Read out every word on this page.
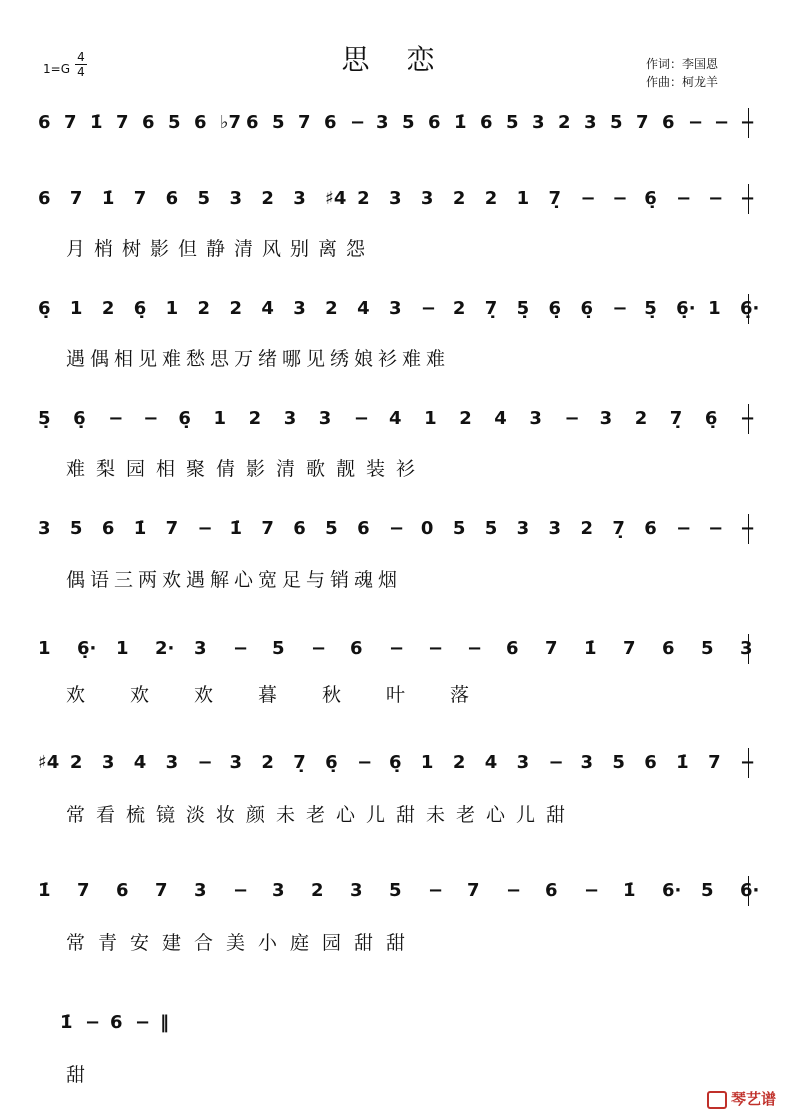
思 恋
1=G
4
4
作词：李国恩
作曲：柯龙羊
6 7 1̇ 7 6 5 6 ♭7 6 5 7 6 − 3 5 6 1̇ 6 5 3 2 3 5 7 6 − − −
6 7 1̇ 7 6 5 3 2 3 ♯4 2 3 3 2 2 1 7̣ − − 6̣ − − −
月 梢 树 影 但 静 清 风 别 离 怨
6̣ 1 2 6̣ 1 2 2 4 3 2 4 3 − 2 7̣ 5̣ 6̣ 6̣ − 5̣ 6̣· 1 6̣·
遇 偶 相 见 难 愁 思 万 绪 哪 见 绣 娘 衫 难 难
5̣ 6̣ − − 6̣ 1 2 3 3 − 4 1 2 4 3 − 3 2 7̣ 6̣ −
难 梨 园 相 聚 倩 影 清 歌 靓 装 衫
3 5 6 1̇ 7 − 1̇ 7 6 5 6 − 0 5 5 3 3 2 7̣ 6 − − −
偶 语 三 两 欢 遇 解 心 宽 足 与 销 魂 烟
1 6̣· 1 2· 3 − 5 − 6 − − − 6 7 1̇ 7 6 5 3
欢 欢 欢 暮 秋 叶 落
♯4 2 3 4 3 − 3 2 7̣ 6̣ − 6̣ 1 2 4 3 − 3 5 6 1̇ 7 −
常 看 梳 镜 淡 妆 颜 未 老 心 儿 甜 未 老 心 儿 甜
1̇ 7 6 7 3 − 3 2 3 5 − 7 − 6 − 1̇ 6· 5 6·
常 青 安 建 合 美 小 庭 园 甜 甜
1̇ − 6 − ‖
甜
琴艺谱
